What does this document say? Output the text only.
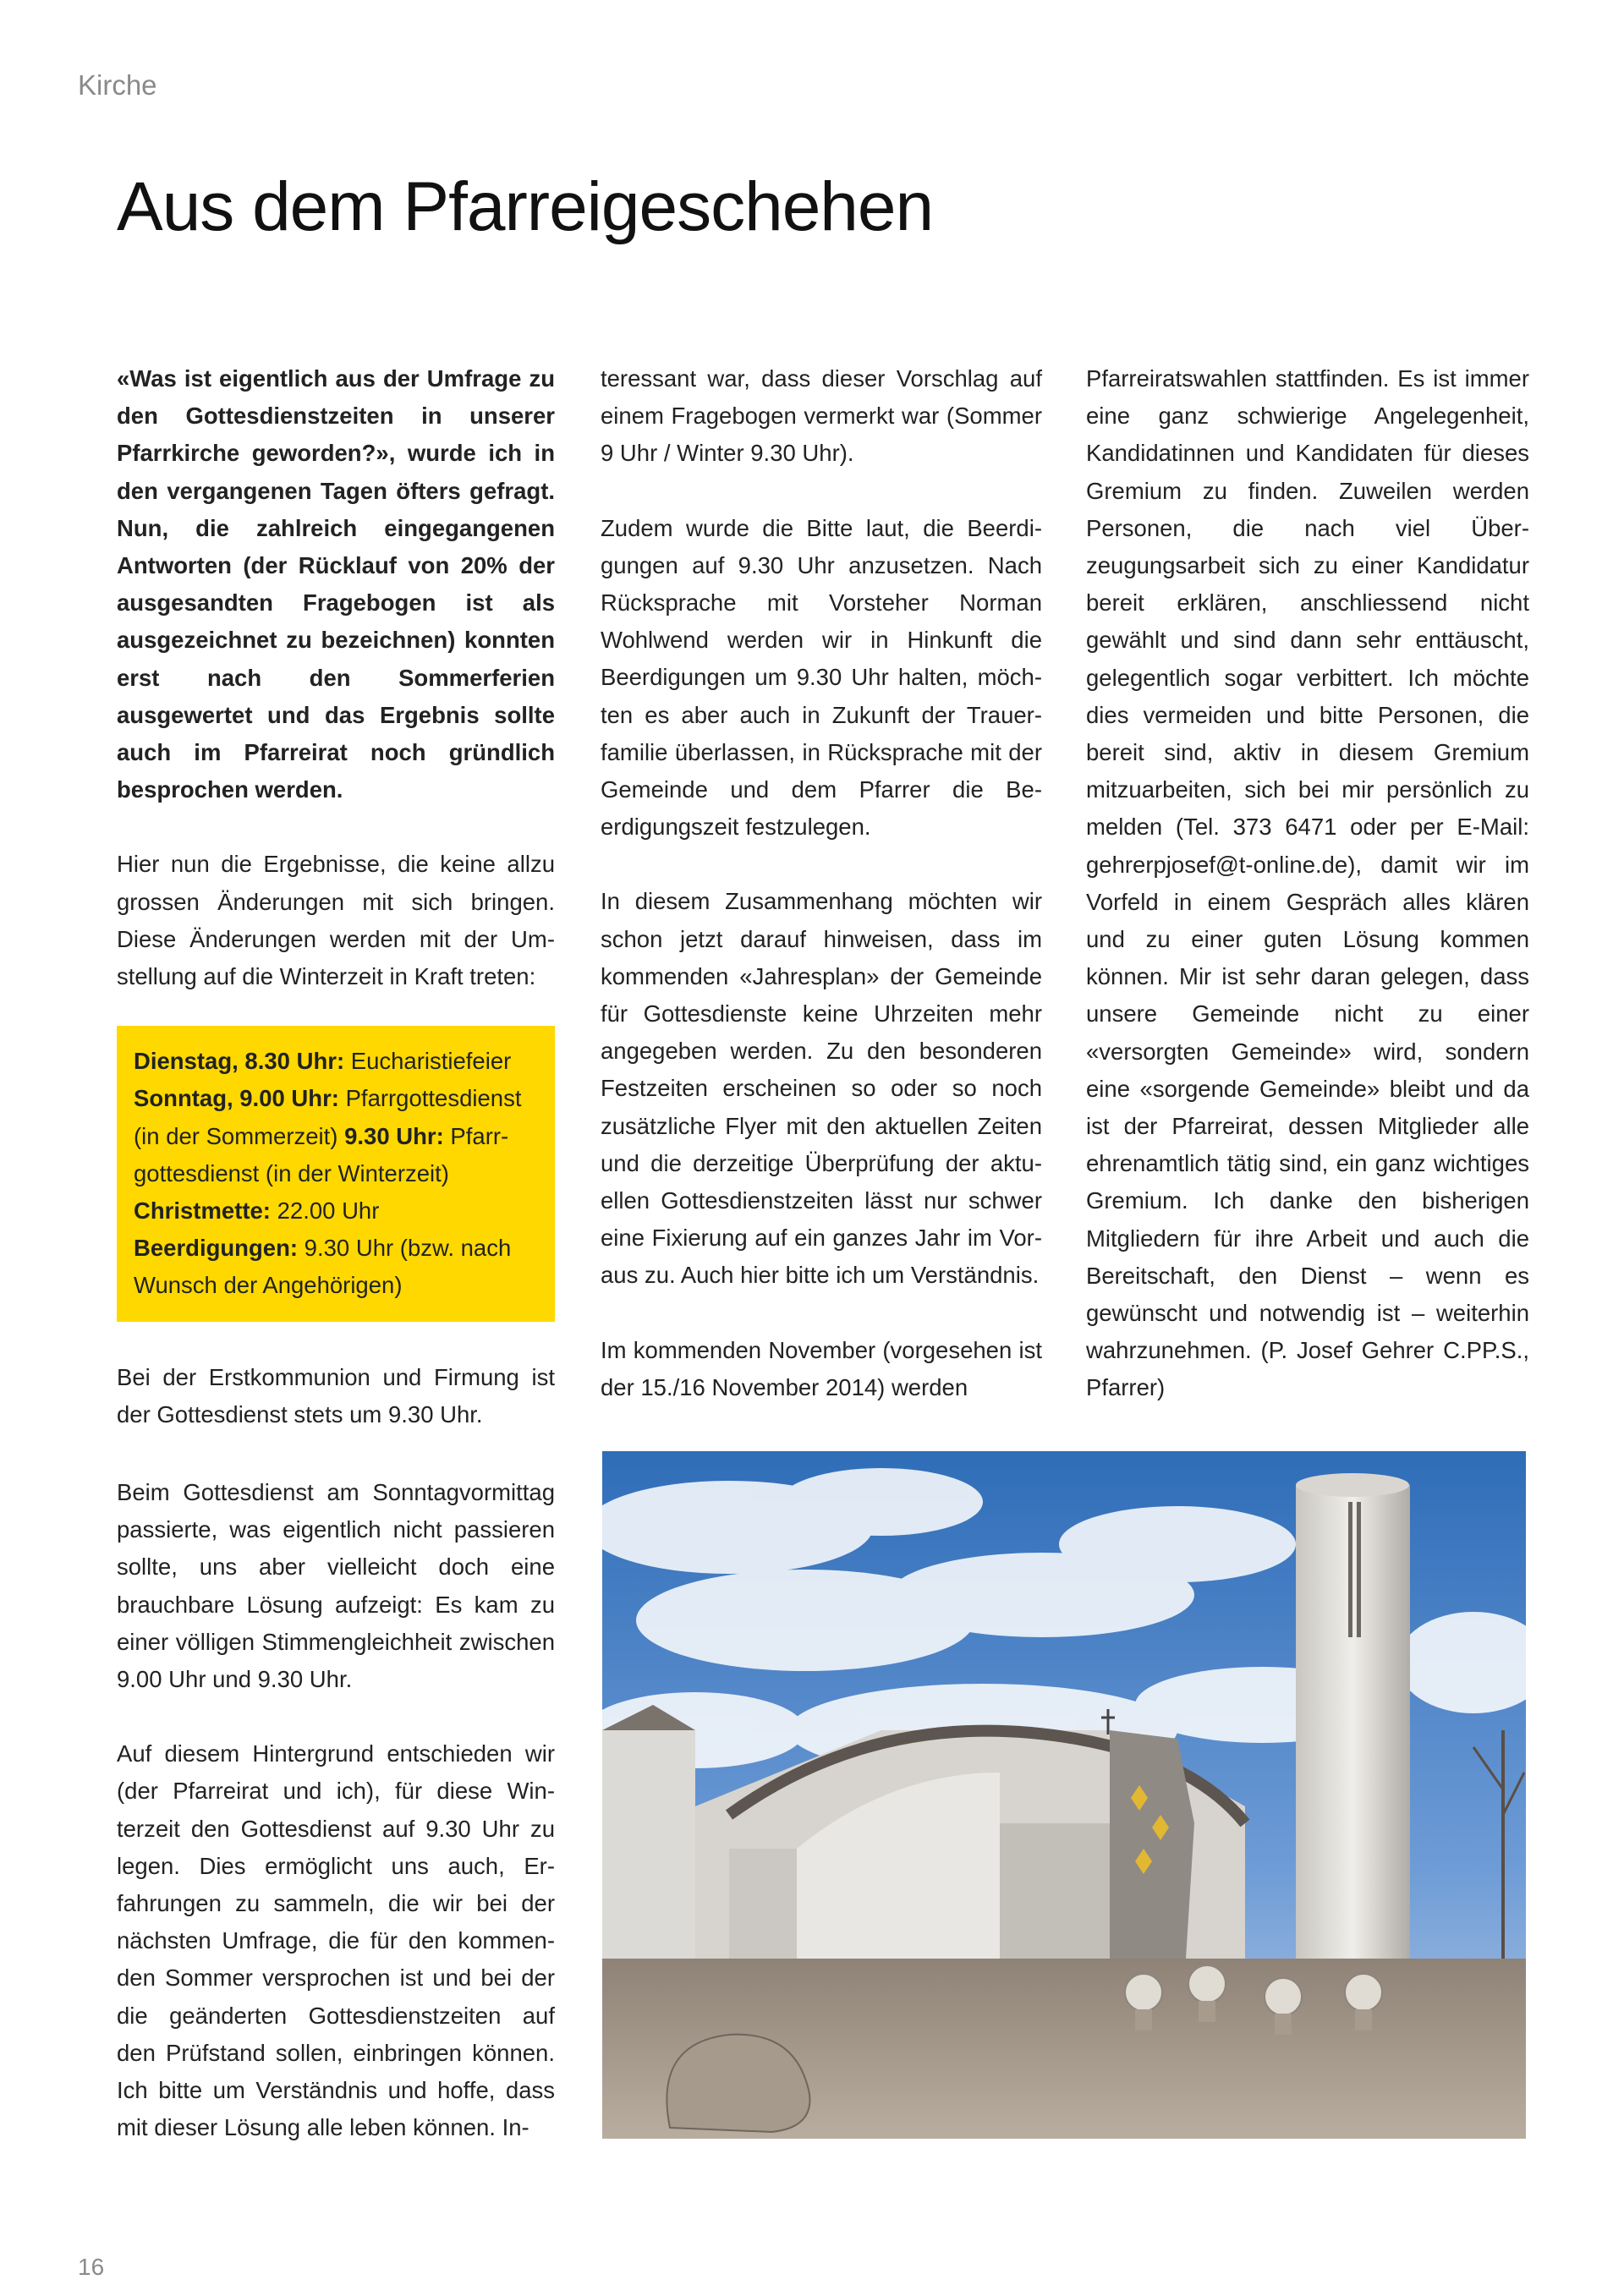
Kirche
Aus dem Pfarreigeschehen

«Was ist eigentlich aus der Umfrage zu den Gottesdienstzeiten in unserer Pfarrkirche geworden?», wurde ich in den vergangenen Tagen öfters gefragt. Nun, die zahlreich eingegangenen Antworten (der Rücklauf von 20% der ausgesandten Fragebogen ist als ausgezeichnet zu bezeichnen) konnten erst nach den Sommerferien ausgewertet und das Ergebnis sollte auch im Pfarreirat noch gründlich besprochen werden.

Hier nun die Ergebnisse, die keine allzu grossen Änderungen mit sich bringen. Diese Änderungen werden mit der Umstellung auf die Winterzeit in Kraft treten:

Dienstag, 8.30 Uhr: Eucharistiefeier
Sonntag, 9.00 Uhr: Pfarrgottesdienst (in der Sommerzeit) 9.30 Uhr: Pfarrgottesdienst (in der Winterzeit)
Christmette: 22.00 Uhr
Beerdigungen: 9.30 Uhr (bzw. nach Wunsch der Angehörigen)

Bei der Erstkommunion und Firmung ist der Gottesdienst stets um 9.30 Uhr.

Beim Gottesdienst am Sonntagvormittag passierte, was eigentlich nicht passieren sollte, uns aber vielleicht doch eine brauchbare Lösung aufzeigt: Es kam zu einer völligen Stimmengleichheit zwischen 9.00 Uhr und 9.30 Uhr.

Auf diesem Hintergrund entschieden wir (der Pfarreirat und ich), für diese Winterzeit den Gottesdienst auf 9.30 Uhr zu legen. Dies ermöglicht uns auch, Erfahrungen zu sammeln, die wir bei der nächsten Umfrage, die für den kommenden Sommer versprochen ist und bei der die geänderten Gottesdienstzeiten auf den Prüfstand sollen, einbringen können. Ich bitte um Verständnis und hoffe, dass mit dieser Lösung alle leben können. In-

teressant war, dass dieser Vorschlag auf einem Fragebogen vermerkt war (Sommer 9 Uhr / Winter 9.30 Uhr).

Zudem wurde die Bitte laut, die Beerdigungen auf 9.30 Uhr anzusetzen. Nach Rücksprache mit Vorsteher Norman Wohlwend werden wir in Hinkunft die Beerdigungen um 9.30 Uhr halten, möchten es aber auch in Zukunft der Trauerfamilie überlassen, in Rücksprache mit der Gemeinde und dem Pfarrer die Beerdigungszeit festzulegen.

In diesem Zusammenhang möchten wir schon jetzt darauf hinweisen, dass im kommenden «Jahresplan» der Gemeinde für Gottesdienste keine Uhrzeiten mehr angegeben werden. Zu den besonderen Festzeiten erscheinen so oder so noch zusätzliche Flyer mit den aktuellen Zeiten und die derzeitige Überprüfung der aktuellen Gottesdienstzeiten lässt nur schwer eine Fixierung auf ein ganzes Jahr im Voraus zu. Auch hier bitte ich um Verständnis.

Im kommenden November (vorgesehen ist der 15./16 November 2014) werden

Pfarreiratswahlen stattfinden. Es ist immer eine ganz schwierige Angelegenheit, Kandidatinnen und Kandidaten für dieses Gremium zu finden. Zuweilen werden Personen, die nach viel Überzeugungsarbeit sich zu einer Kandidatur bereit erklären, anschliessend nicht gewählt und sind dann sehr enttäuscht, gelegentlich sogar verbittert. Ich möchte dies vermeiden und bitte Personen, die bereit sind, aktiv in diesem Gremium mitzuarbeiten, sich bei mir persönlich zu melden (Tel. 373 6471 oder per E-Mail: gehrerpjosef@t-online.de), damit wir im Vorfeld in einem Gespräch alles klären und zu einer guten Lösung kommen können. Mir ist sehr daran gelegen, dass unsere Gemeinde nicht zu einer «versorgten Gemeinde» wird, sondern eine «sorgende Gemeinde» bleibt und da ist der Pfarreirat, dessen Mitglieder alle ehrenamtlich tätig sind, ein ganz wichtiges Gremium. Ich danke den bisherigen Mitgliedern für ihre Arbeit und auch die Bereitschaft, den Dienst – wenn es gewünscht und notwendig ist – weiterhin wahrzunehmen. (P. Josef Gehrer C.PP.S., Pfarrer)

16
